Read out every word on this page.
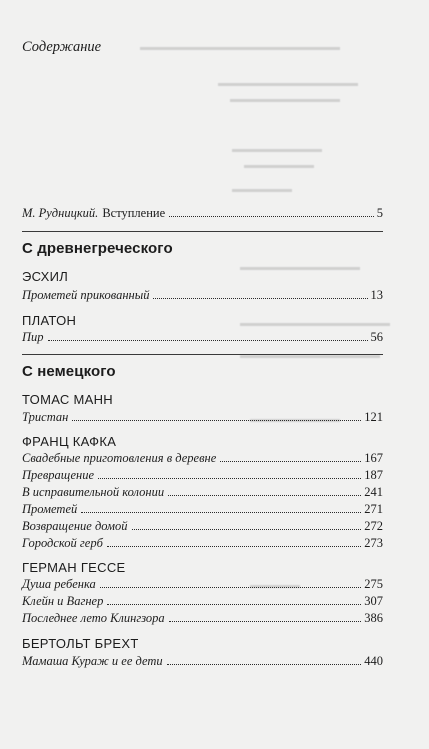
▬▬▬▬▬▬▬▬▬▬▬▬▬▬▬▬▬▬▬▬
▬▬▬▬▬▬▬▬▬▬▬▬▬▬
▬▬▬▬▬▬▬▬▬▬▬
▬▬▬▬▬▬▬▬▬
▬▬▬▬▬▬▬
▬▬▬▬▬▬
▬▬▬▬▬▬▬▬▬▬▬▬
▬▬▬▬▬▬▬▬▬▬▬▬▬▬▬
▬▬▬▬▬▬▬▬▬▬▬▬▬▬
▬▬▬▬▬▬▬▬▬
▬▬▬▬▬
Содержание
М. Рудницкий. Вступление	5
С древнегреческого
ЭСХИЛ
Прометей прикованный	13
ПЛАТОН
Пир	56
С немецкого
ТОМАС МАНН
Тристан	121
ФРАНЦ КАФКА
Свадебные приготовления в деревне	167
Превращение	187
В исправительной колонии	241
Прометей	271
Возвращение домой	272
Городской герб	273
ГЕРМАН ГЕССЕ
Душа ребенка	275
Клейн и Вагнер	307
Последнее лето Клингзора	386
БЕРТОЛЬТ БРЕХТ
Мамаша Кураж и ее дети	440
